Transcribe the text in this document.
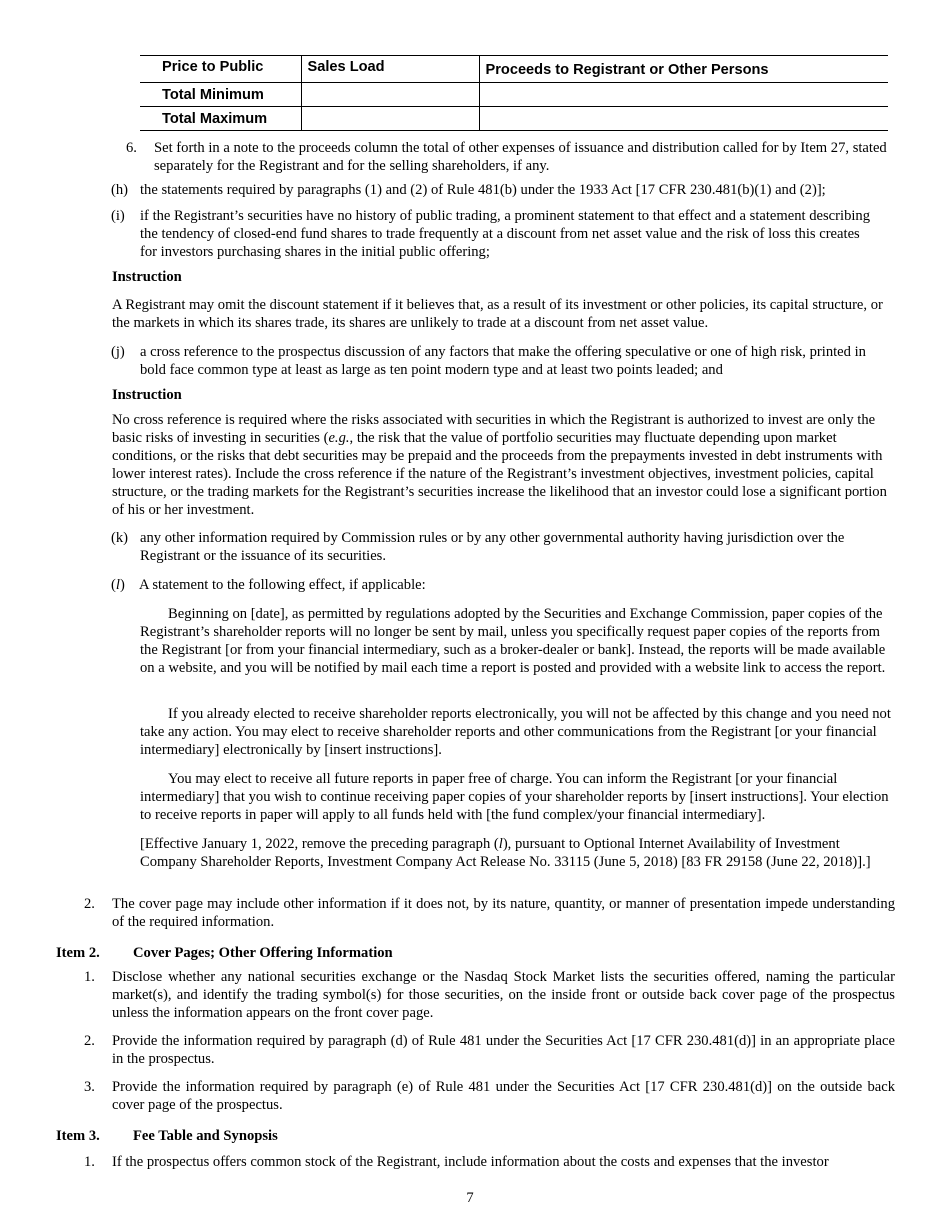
Price to Public	Sales Load	Proceeds to Registrant or Other Persons
Total Minimum		
Total Maximum		
6. Set forth in a note to the proceeds column the total of other expenses of issuance and distribution called for by Item 27, stated separately for the Registrant and for the selling shareholders, if any.

(h) the statements required by paragraphs (1) and (2) of Rule 481(b) under the 1933 Act [17 CFR 230.481(b)(1) and (2)];

(i) if the Registrant’s securities have no history of public trading, a prominent statement to that effect and a statement describing the tendency of closed-end fund shares to trade frequently at a discount from net asset value and the risk of loss this creates for investors purchasing shares in the initial public offering;

Instruction

A Registrant may omit the discount statement if it believes that, as a result of its investment or other policies, its capital structure, or the markets in which its shares trade, its shares are unlikely to trade at a discount from net asset value.

(j) a cross reference to the prospectus discussion of any factors that make the offering speculative or one of high risk, printed in bold face common type at least as large as ten point modern type and at least two points leaded; and

Instruction

No cross reference is required where the risks associated with securities in which the Registrant is authorized to invest are only the basic risks of investing in securities (e.g., the risk that the value of portfolio securities may fluctuate depending upon market conditions, or the risks that debt securities may be prepaid and the proceeds from the prepayments invested in debt instruments with lower interest rates). Include the cross reference if the nature of the Registrant’s investment objectives, investment policies, capital structure, or the trading markets for the Registrant’s securities increase the likelihood that an investor could lose a significant portion of his or her investment.

(k) any other information required by Commission rules or by any other governmental authority having jurisdiction over the Registrant or the issuance of its securities.

(l) A statement to the following effect, if applicable:

Beginning on [date], as permitted by regulations adopted by the Securities and Exchange Commission, paper copies of the Registrant’s shareholder reports will no longer be sent by mail, unless you specifically request paper copies of the reports from the Registrant [or from your financial intermediary, such as a broker-dealer or bank]. Instead, the reports will be made available on a website, and you will be notified by mail each time a report is posted and provided with a website link to access the report.

If you already elected to receive shareholder reports electronically, you will not be affected by this change and you need not take any action. You may elect to receive shareholder reports and other communications from the Registrant [or your financial intermediary] electronically by [insert instructions].

You may elect to receive all future reports in paper free of charge. You can inform the Registrant [or your financial intermediary] that you wish to continue receiving paper copies of your shareholder reports by [insert instructions]. Your election to receive reports in paper will apply to all funds held with [the fund complex/your financial intermediary].

[Effective January 1, 2022, remove the preceding paragraph (l), pursuant to Optional Internet Availability of Investment Company Shareholder Reports, Investment Company Act Release No. 33115 (June 5, 2018) [83 FR 29158 (June 22, 2018)].]

2. The cover page may include other information if it does not, by its nature, quantity, or manner of presentation impede understanding of the required information.

Item 2. Cover Pages; Other Offering Information

1. Disclose whether any national securities exchange or the Nasdaq Stock Market lists the securities offered, naming the particular market(s), and identify the trading symbol(s) for those securities, on the inside front or outside back cover page of the prospectus unless the information appears on the front cover page.

2. Provide the information required by paragraph (d) of Rule 481 under the Securities Act [17 CFR 230.481(d)] in an appropriate place in the prospectus.

3. Provide the information required by paragraph (e) of Rule 481 under the Securities Act [17 CFR 230.481(d)] on the outside back cover page of the prospectus.

Item 3. Fee Table and Synopsis

1. If the prospectus offers common stock of the Registrant, include information about the costs and expenses that the investor

7
